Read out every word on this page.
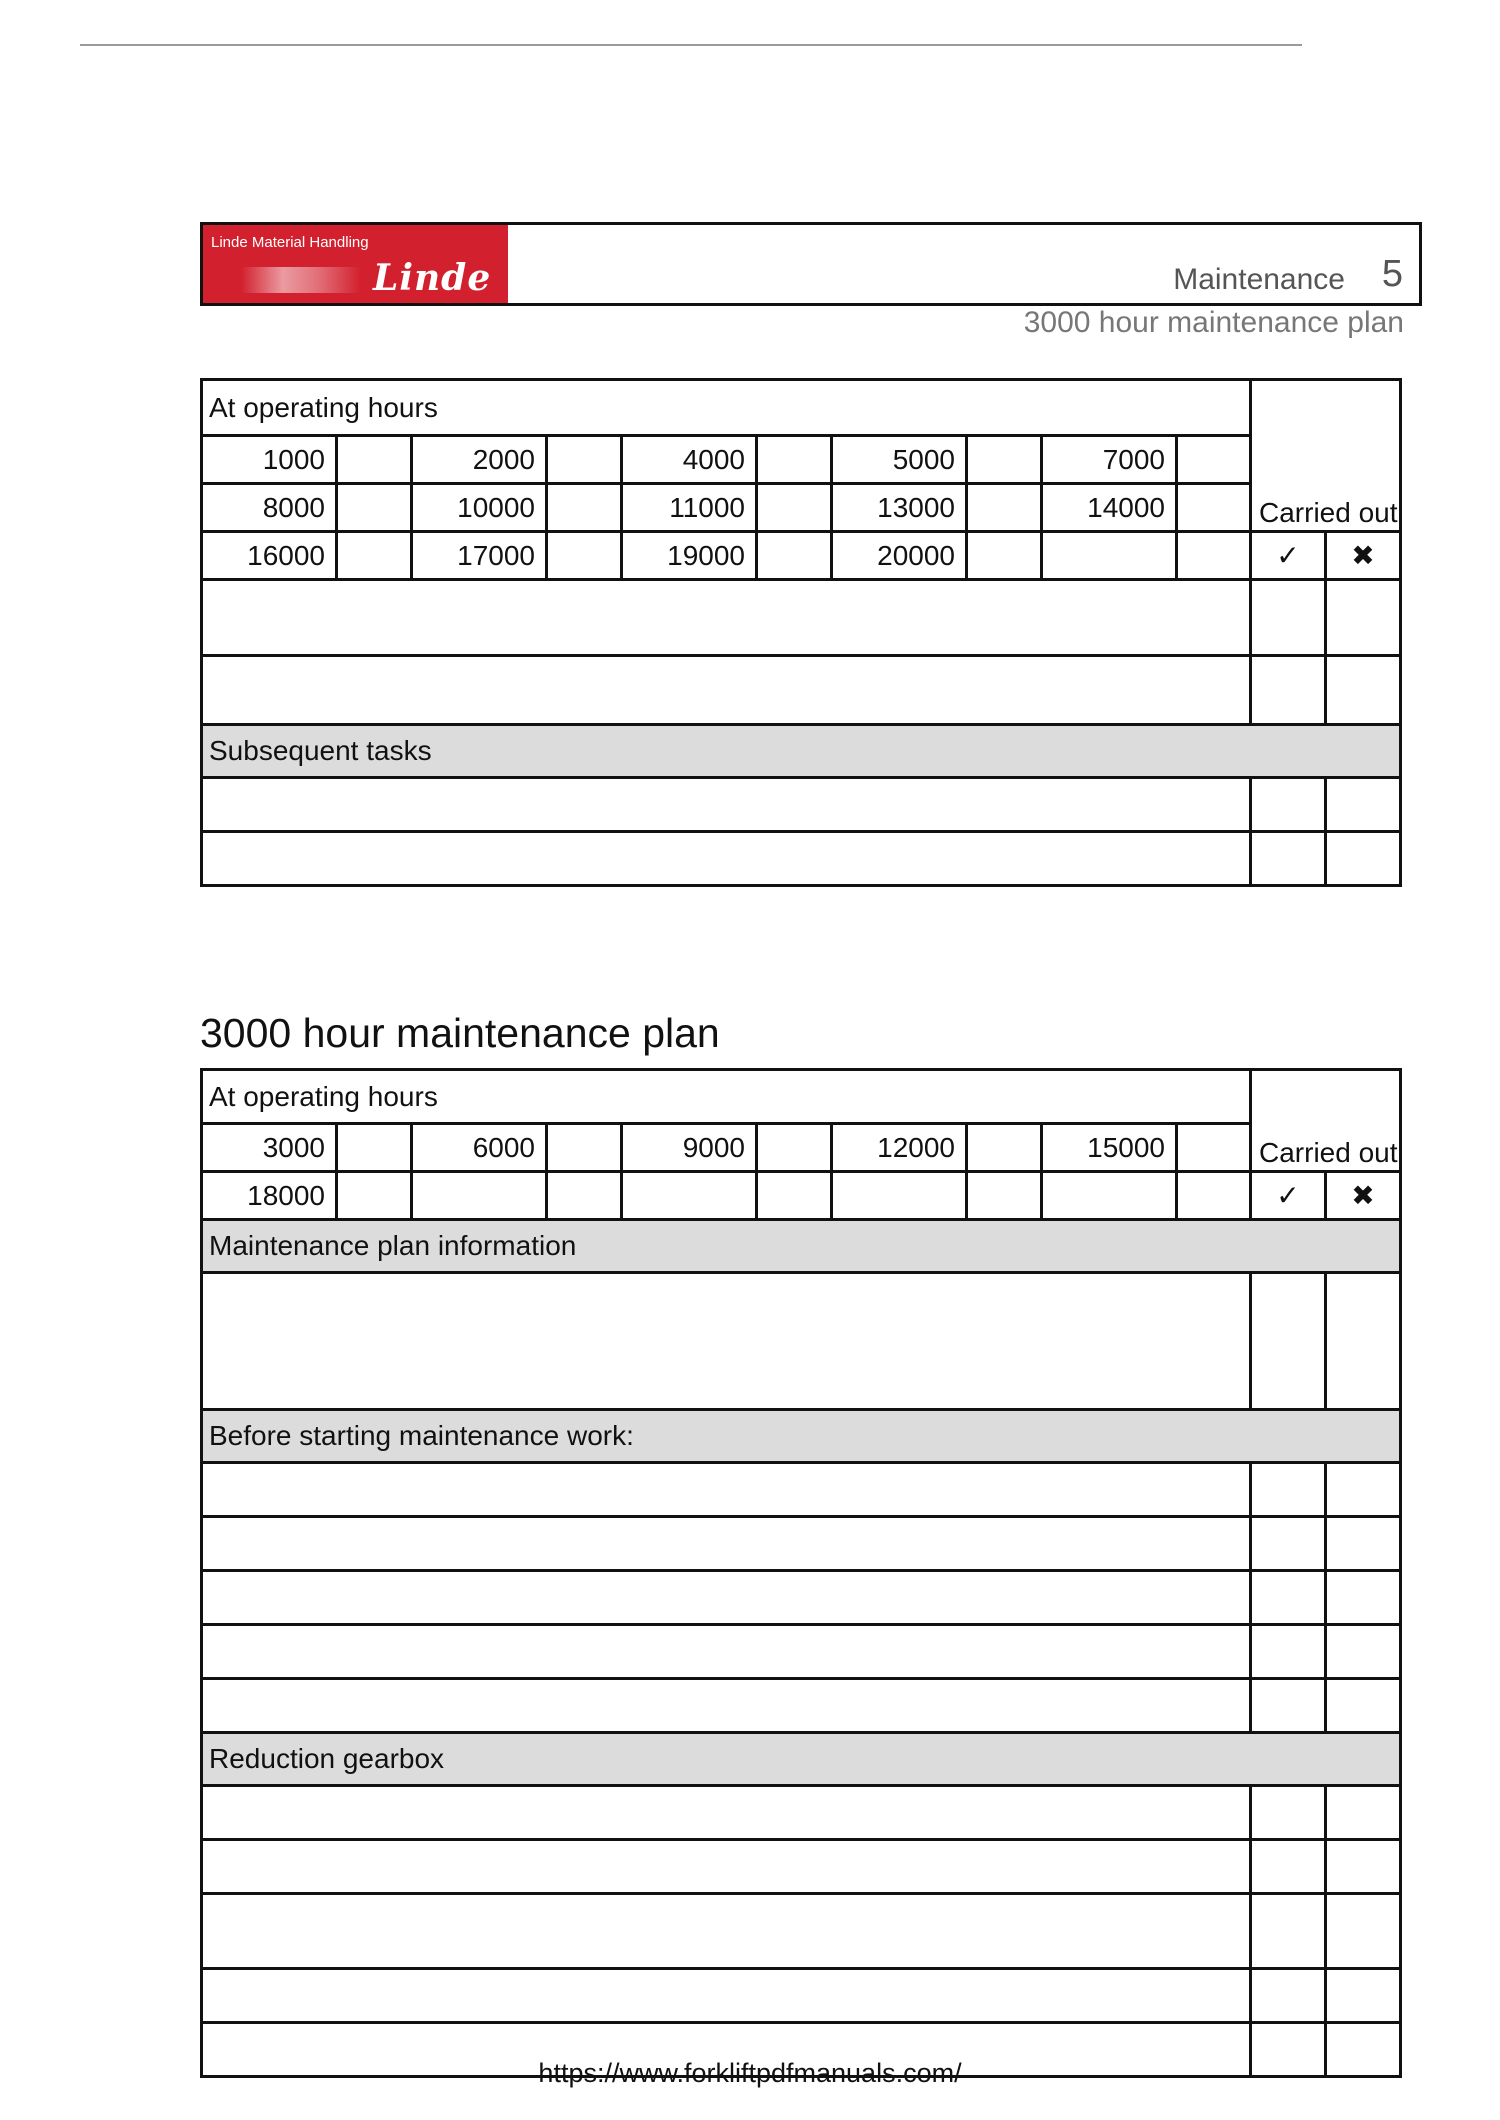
Linde Material Handling
Linde	Maintenance 5
3000 hour maintenance plan
At operating hours										Carried out	
1000		2000		4000		5000		7000			
8000		10000		11000		13000		14000			
16000		17000		19000		20000				✓	✖

Subsequent tasks											

3000 hour maintenance plan
At operating hours										Carried out	
3000		6000		9000		12000		15000			
18000										✓	✖
Maintenance plan information											

Before starting maintenance work:											

Reduction gearbox											

https://www.forkliftpdfmanuals.com/
